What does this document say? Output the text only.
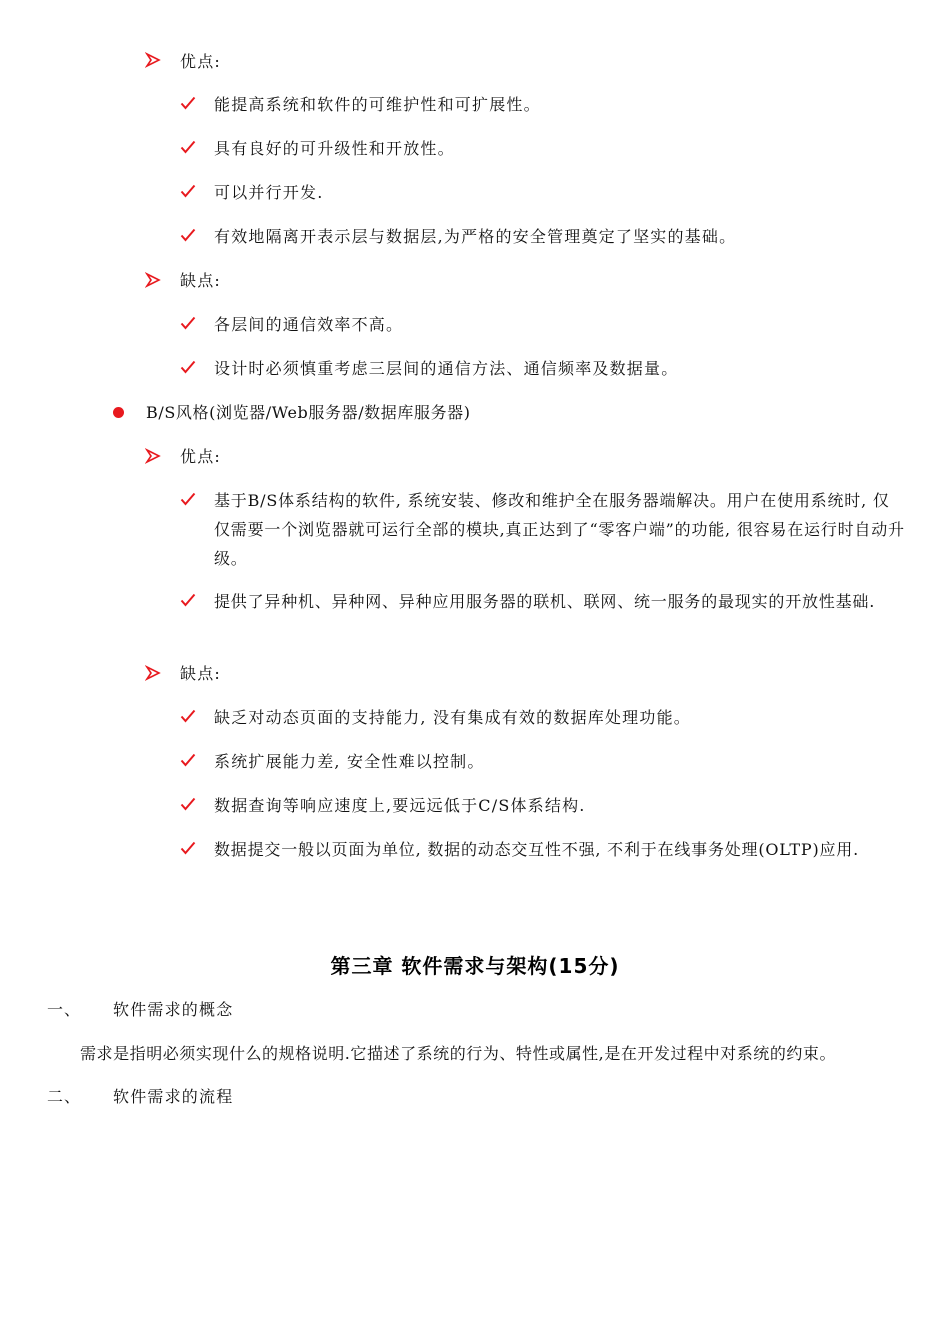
优点:
能提高系统和软件的可维护性和可扩展性。
具有良好的可升级性和开放性。
可以并行开发.
有效地隔离开表示层与数据层,为严格的安全管理奠定了坚实的基础。
缺点:
各层间的通信效率不高。
设计时必须慎重考虑三层间的通信方法、通信频率及数据量。
B/S风格(浏览器/Web服务器/数据库服务器)
优点:
基于B/S体系结构的软件, 系统安装、修改和维护全在服务器端解决。用户在使用系统时, 仅仅需要一个浏览器就可运行全部的模块,真正达到了“零客户端”的功能, 很容易在运行时自动升级。
提供了异种机、异种网、异种应用服务器的联机、联网、统一服务的最现实的开放性基础.
缺点:
缺乏对动态页面的支持能力, 没有集成有效的数据库处理功能。
系统扩展能力差, 安全性难以控制。
数据查询等响应速度上,要远远低于C/S体系结构.
数据提交一般以页面为单位, 数据的动态交互性不强, 不利于在线事务处理(OLTP)应用.
第三章 软件需求与架构(15分)
一、 软件需求的概念
需求是指明必须实现什么的规格说明.它描述了系统的行为、特性或属性,是在开发过程中对系统的约束。
二、 软件需求的流程
